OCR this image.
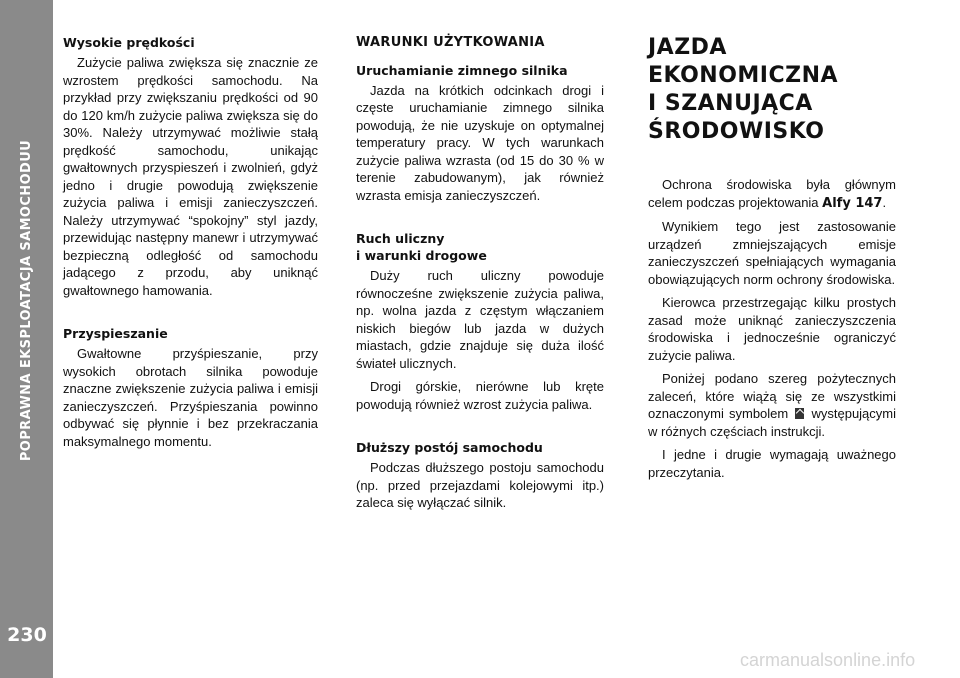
POPRAWNA EKSPLOATACJA SAMOCHODUU
230
Wysokie prędkości

Zużycie paliwa zwiększa się znacznie ze wzrostem prędkości samochodu. Na przykład przy zwiększaniu prędkości od 90 do 120 km/h zużycie paliwa zwiększa się do 30%. Należy utrzymywać możliwie stałą prędkość samochodu, unikając gwałtownych przyspieszeń i zwolnień, gdyż jedno i drugie powodują zwiększenie zużycia paliwa i emisji zanieczyszczeń. Należy utrzymywać “spokojny” styl jazdy, przewidując następny manewr i utrzymywać bezpieczną odległość od samochodu jadącego z przodu, aby uniknąć gwałtownego hamowania.

Przyspieszanie

Gwałtowne przyśpieszanie, przy wysokich obrotach silnika powoduje znaczne zwiększenie zużycia paliwa i emisji zanieczyszczeń. Przyśpieszania powinno odbywać się płynnie i bez przekraczania maksymalnego momentu.

WARUNKI UŻYTKOWANIA
Uruchamianie zimnego silnika

Jazda na krótkich odcinkach drogi i częste uruchamianie zimnego silnika powodują, że nie uzyskuje on optymalnej temperatury pracy. W tych warunkach zużycie paliwa wzrasta (od 15 do 30 % w terenie zabudowanym), jak również wzrasta emisja zanieczyszczeń.

Ruch uliczny
i warunki drogowe

Duży ruch uliczny powoduje równocześne zwiększenie zużycia paliwa, np. wolna jazda z częstym włączaniem niskich biegów lub jazda w dużych miastach, gdzie znajduje się duża ilość świateł ulicznych.

Drogi górskie, nierówne lub kręte powodują również wzrost zużycia paliwa.

Dłuższy postój samochodu

Podczas dłuższego postoju samochodu (np. przed przejazdami kolejowymi itp.) zaleca się wyłączać silnik.

JAZDA EKONOMICZNA
I SZANUJĄCA
ŚRODOWISKO

Ochrona środowiska była głównym celem podczas projektowania Alfy 147.

Wynikiem tego jest zastosowanie urządzeń zmniejszających emisje zanieczyszczeń spełniających wymagania obowiązujących norm ochrony środowiska.

Kierowca przestrzegając kilku prostych zasad może uniknąć zanieczyszczenia środowiska i jednocześnie ograniczyć zużycie paliwa.

Poniżej podano szereg pożytecznych zaleceń, które wiążą się ze wszystkimi oznaczonymi symbolem  występującymi w różnych częściach instrukcji.

I jedne i drugie wymagają uważnego przeczytania.

carmanualsonline.info
